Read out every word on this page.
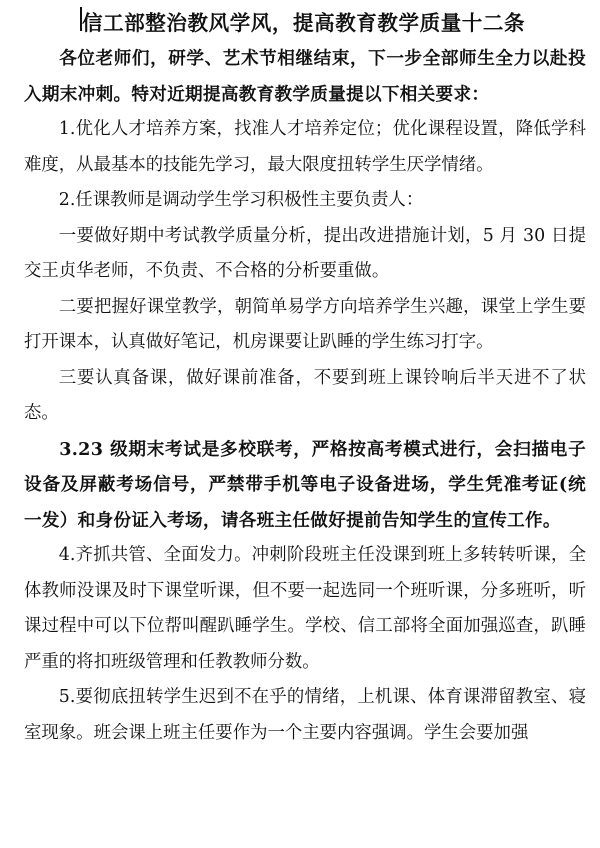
信工部整治教风学风，提高教育教学质量十二条

各位老师们，研学、艺术节相继结束，下一步全部师生全力以赴投入期末冲刺。特对近期提高教育教学质量提以下相关要求：

1.优化人才培养方案，找准人才培养定位；优化课程设置，降低学科难度，从最基本的技能先学习，最大限度扭转学生厌学情绪。

2.任课教师是调动学生学习积极性主要负责人：

一要做好期中考试教学质量分析，提出改进措施计划，5 月 30 日提交王贞华老师，不负责、不合格的分析要重做。

二要把握好课堂教学，朝简单易学方向培养学生兴趣，课堂上学生要打开课本，认真做好笔记，机房课要让趴睡的学生练习打字。

三要认真备课，做好课前准备，不要到班上课铃响后半天进不了状态。

3.23 级期末考试是多校联考，严格按高考模式进行，会扫描电子设备及屏蔽考场信号，严禁带手机等电子设备进场，学生凭准考证(统一发）和身份证入考场，请各班主任做好提前告知学生的宣传工作。

4.齐抓共管、全面发力。冲刺阶段班主任没课到班上多转转听课，全体教师没课及时下课堂听课，但不要一起选同一个班听课，分多班听，听课过程中可以下位帮叫醒趴睡学生。学校、信工部将全面加强巡查，趴睡严重的将扣班级管理和任教教师分数。

5.要彻底扭转学生迟到不在乎的情绪，上机课、体育课滞留教室、寝室现象。班会课上班主任要作为一个主要内容强调。学生会要加强
